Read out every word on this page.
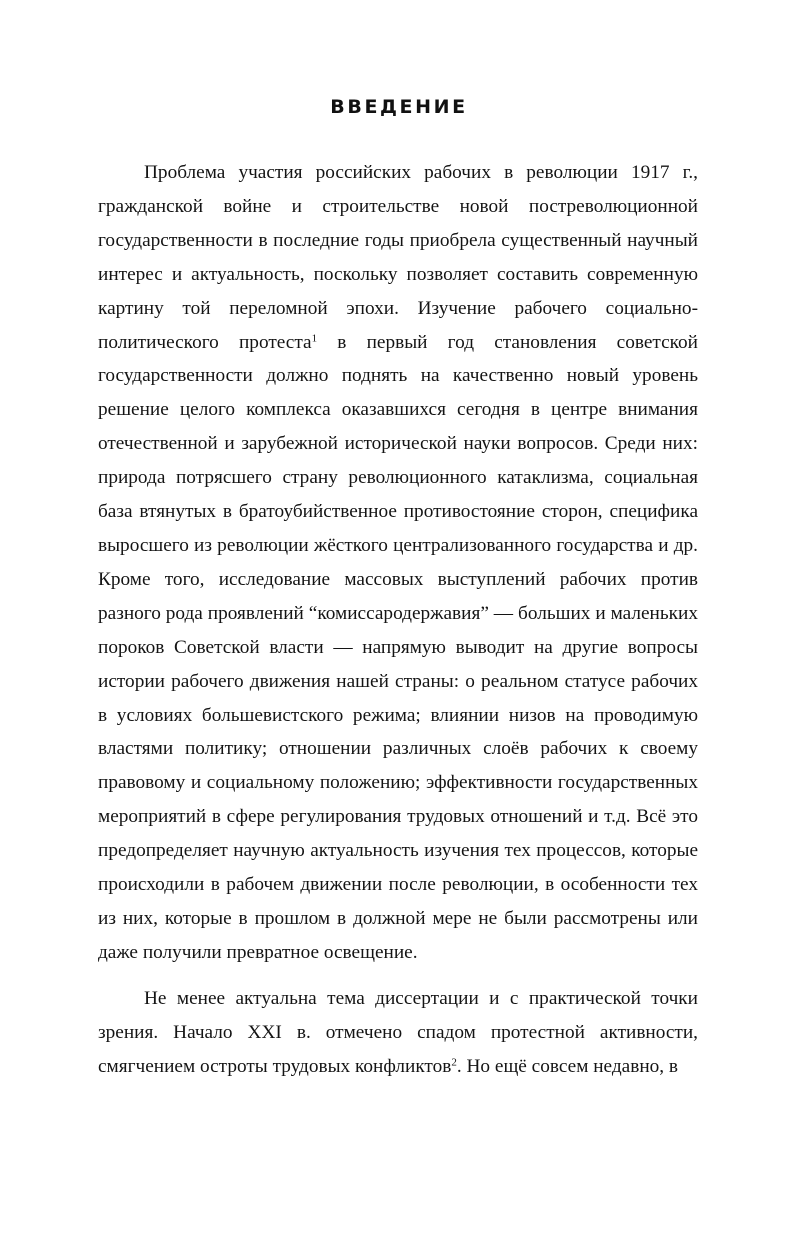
ВВЕДЕНИЕ

Проблема участия российских рабочих в революции 1917 г., гражданской войне и строительстве новой постреволюционной государственности в последние годы приобрела существенный научный интерес и актуальность, поскольку позволяет составить современную картину той переломной эпохи. Изучение рабочего социально-политического протеста$^1$ в первый год становления советской государственности должно поднять на качественно новый уровень решение целого комплекса оказавшихся сегодня в центре внимания отечественной и зарубежной исторической науки вопросов. Среди них: природа потрясшего страну революционного катаклизма, социальная база втянутых в братоубийственное противостояние сторон, специфика выросшего из революции жёсткого централизованного государства и др. Кроме того, исследование массовых выступлений рабочих против разного рода проявлений “комиссародержавия” — больших и маленьких пороков Советской власти — напрямую выводит на другие вопросы истории рабочего движения нашей страны: о реальном статусе рабочих в условиях большевистского режима; влиянии низов на проводимую властями политику; отношении различных слоёв рабочих к своему правовому и социальному положению; эффективности государственных мероприятий в сфере регулирования трудовых отношений и т.д. Всё это предопределяет научную актуальность изучения тех процессов, которые происходили в рабочем движении после революции, в особенности тех из них, которые в прошлом в должной мере не были рассмотрены или даже получили превратное освещение.

Не менее актуальна тема диссертации и с практической точки зрения. Начало XXI в. отмечено спадом протестной активности, смягчением остроты трудовых конфликтов$^2$. Но ещё совсем недавно, в
